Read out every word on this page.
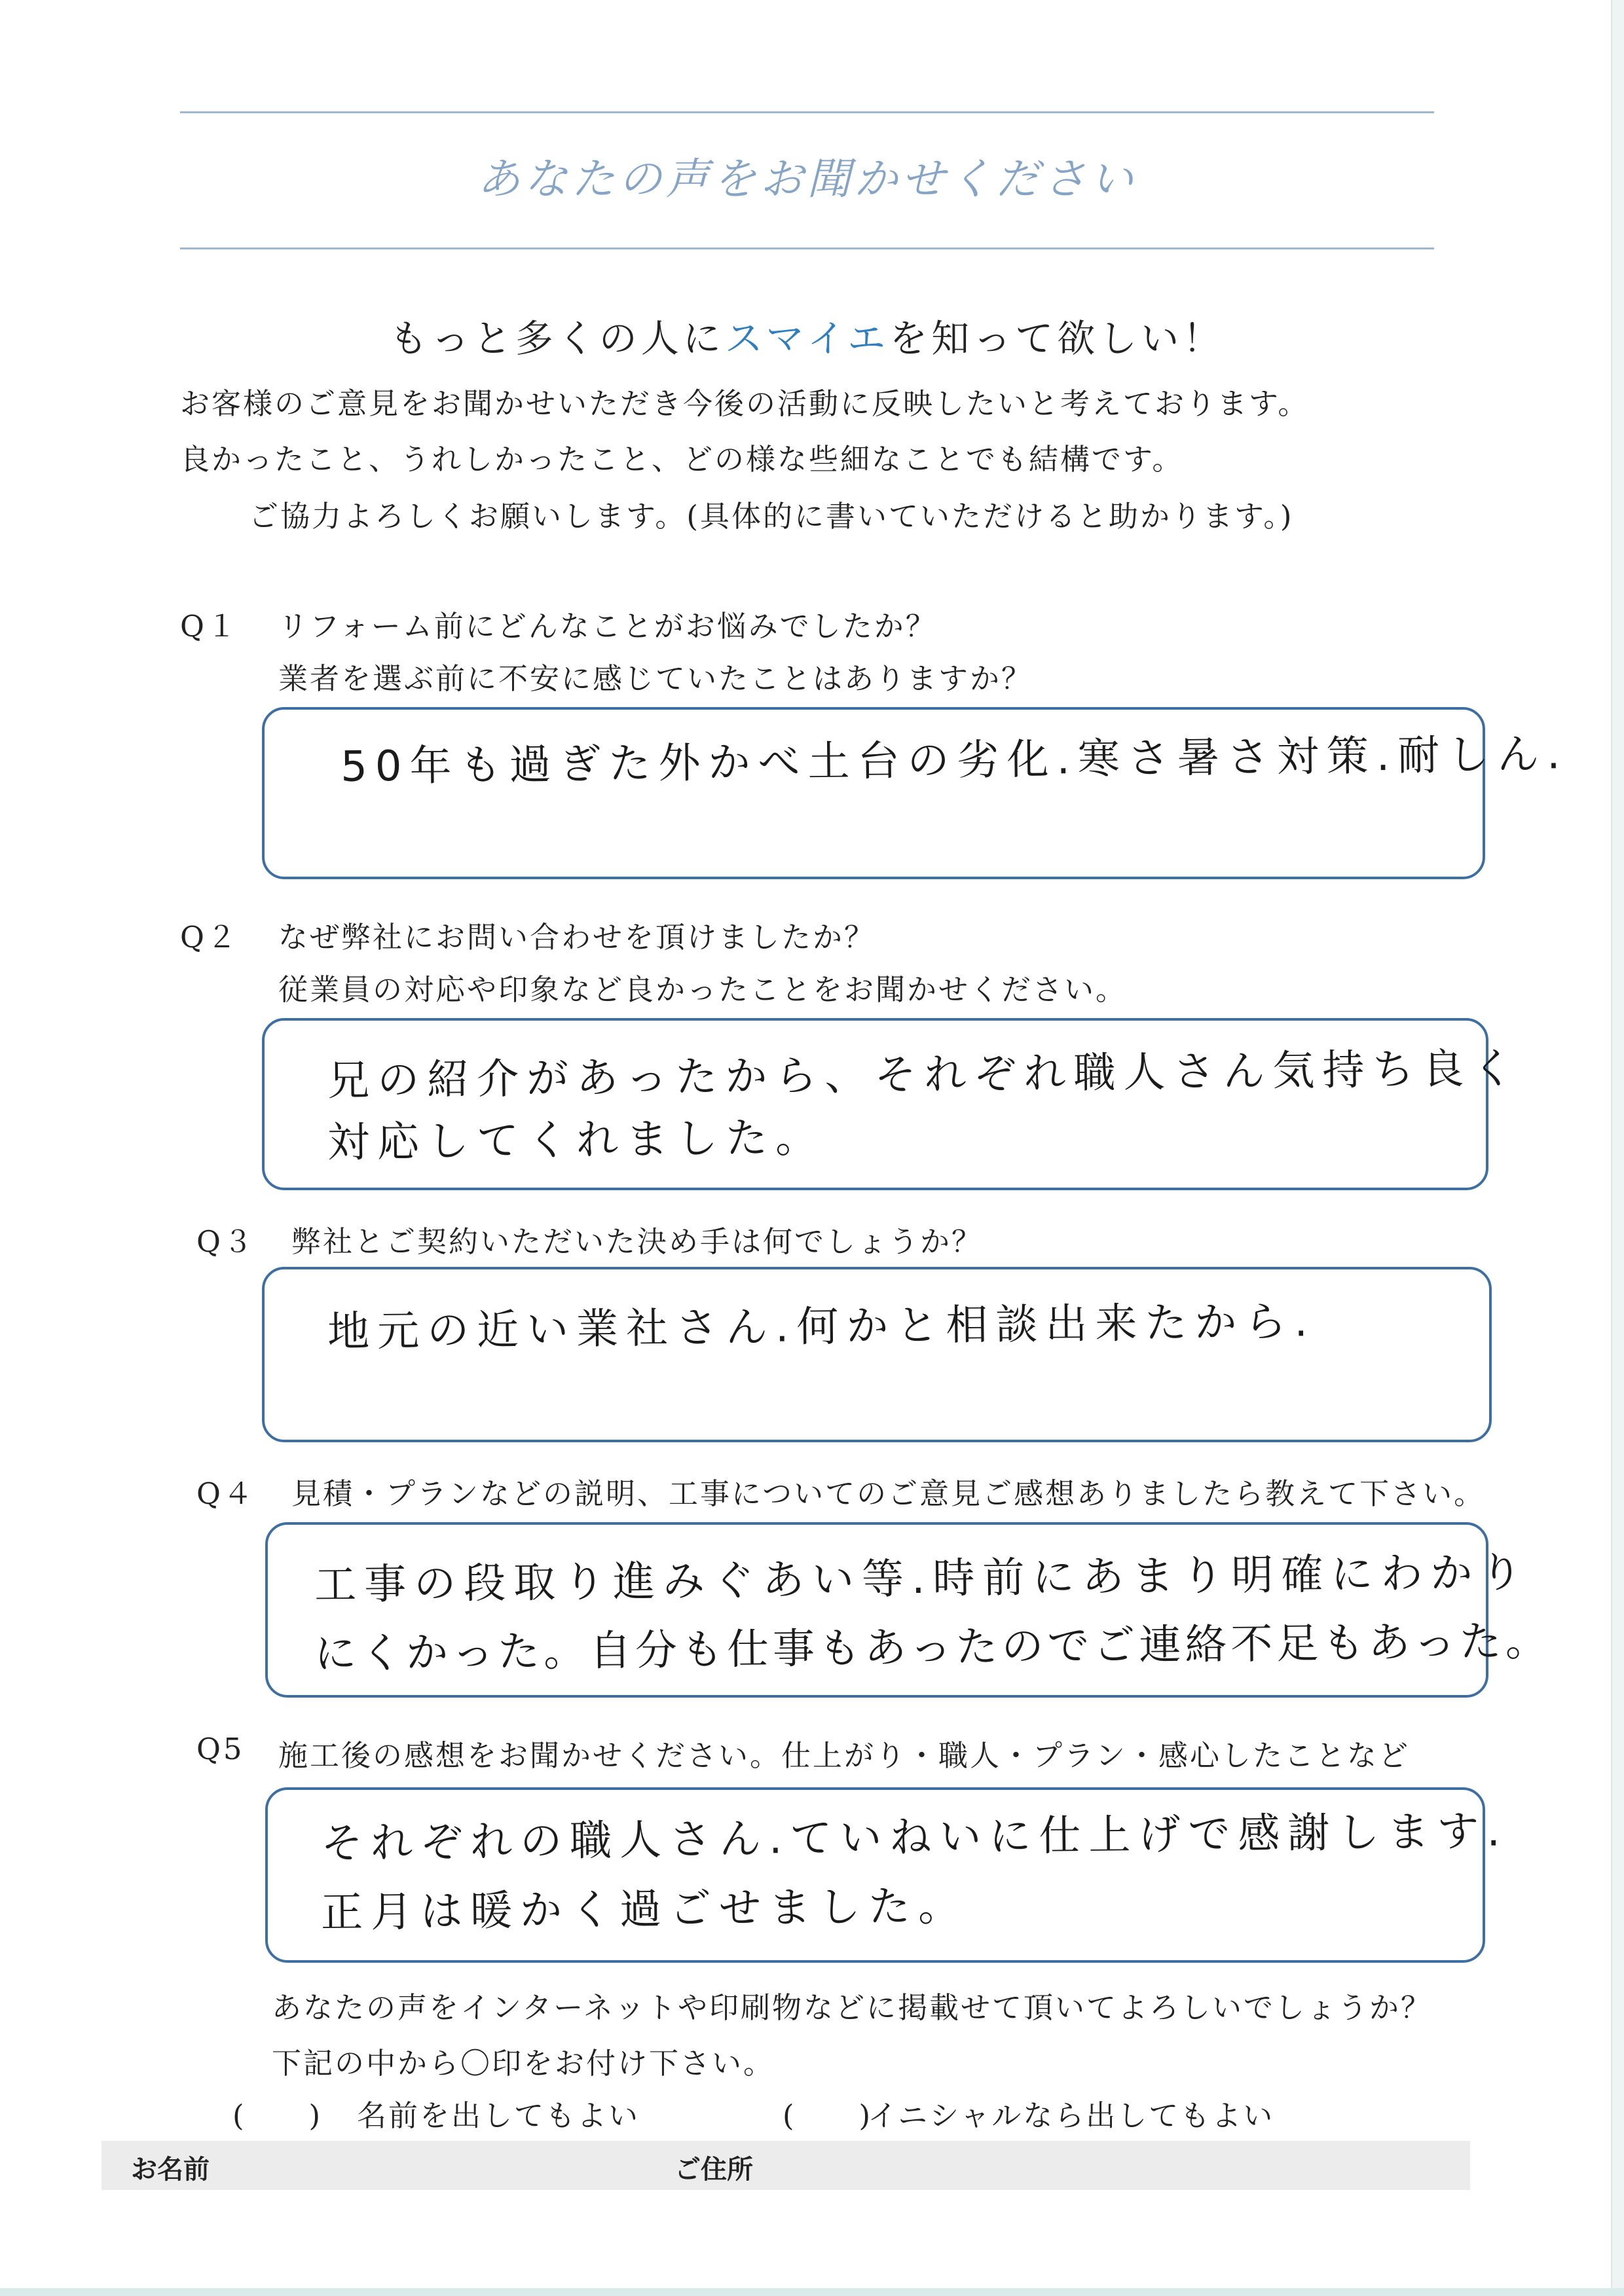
あなたの声をお聞かせください
もっと多くの人にスマイエを知って欲しい！
お客様のご意見をお聞かせいただき今後の活動に反映したいと考えております。
良かったこと、うれしかったこと、どの様な些細なことでも結構です。
ご協力よろしくお願いします。(具体的に書いていただけると助かります。)
Q１ リフォーム前にどんなことがお悩みでしたか？
業者を選ぶ前に不安に感じていたことはありますか？
50年も過ぎた外かべ土台の劣化.寒さ暑さ対策.耐しん.
Q２ なぜ弊社にお問い合わせを頂けましたか？
従業員の対応や印象など良かったことをお聞かせください。
兄の紹介があったから、それぞれ職人さん気持ち良く
対応してくれました。
Q３ 弊社とご契約いただいた決め手は何でしょうか？
地元の近い業社さん.何かと相談出来たから.
Q４ 見積・プランなどの説明、工事についてのご意見ご感想ありましたら教えて下さい。
工事の段取り進みぐあい等.時前にあまり明確にわかり
にくかった。自分も仕事もあったのでご連絡不足もあった。
Q5 施工後の感想をお聞かせください。仕上がり・職人・プラン・感心したことなど
それぞれの職人さん.ていねいに仕上げで感謝します.
正月は暖かく過ごせました。
あなたの声をインターネットや印刷物などに掲載せて頂いてよろしいでしょうか？
下記の中から〇印をお付け下さい。
(　　) 名前を出してもよい	(　　)
イニシャルなら出してもよい
お名前	ご住所
